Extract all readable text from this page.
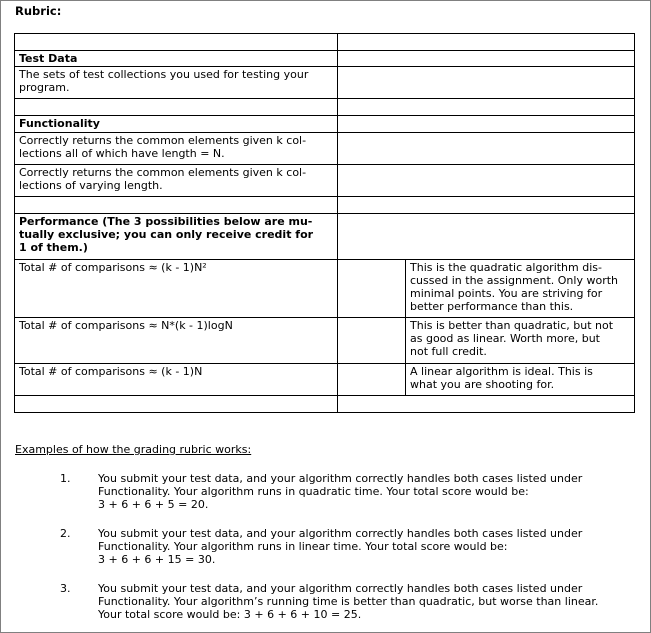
Rubric:

Test Data		

The sets of test collections you used for testing your
program.		

Functionality		

Correctly returns the common elements given k col-
lections all of which have length = N.		

Correctly returns the common elements given k col-
lections of varying length.		

Performance (The 3 possibilities below are mu-
tually exclusive; you can only receive credit for
1 of them.)		

Total # of comparisons ≈ (k - 1)N²		This is the quadratic algorithm dis-
cussed in the assignment. Only worth
minimal points. You are striving for
better performance than this.

Total # of comparisons ≈ N*(k - 1)logN		This is better than quadratic, but not
as good as linear. Worth more, but
not full credit.

Total # of comparisons ≈ (k - 1)N		A linear algorithm is ideal. This is
what you are shooting for.

Examples of how the grading rubric works:
1.	You submit your test data, and your algorithm correctly handles both cases listed under
Functionality. Your algorithm runs in quadratic time. Your total score would be:
3 + 6 + 6 + 5 = 20.
2.	You submit your test data, and your algorithm correctly handles both cases listed under
Functionality. Your algorithm runs in linear time. Your total score would be:
3 + 6 + 6 + 15 = 30.
3.	You submit your test data, and your algorithm correctly handles both cases listed under
Functionality. Your algorithm’s running time is better than quadratic, but worse than linear.
Your total score would be: 3 + 6 + 6 + 10 = 25.
